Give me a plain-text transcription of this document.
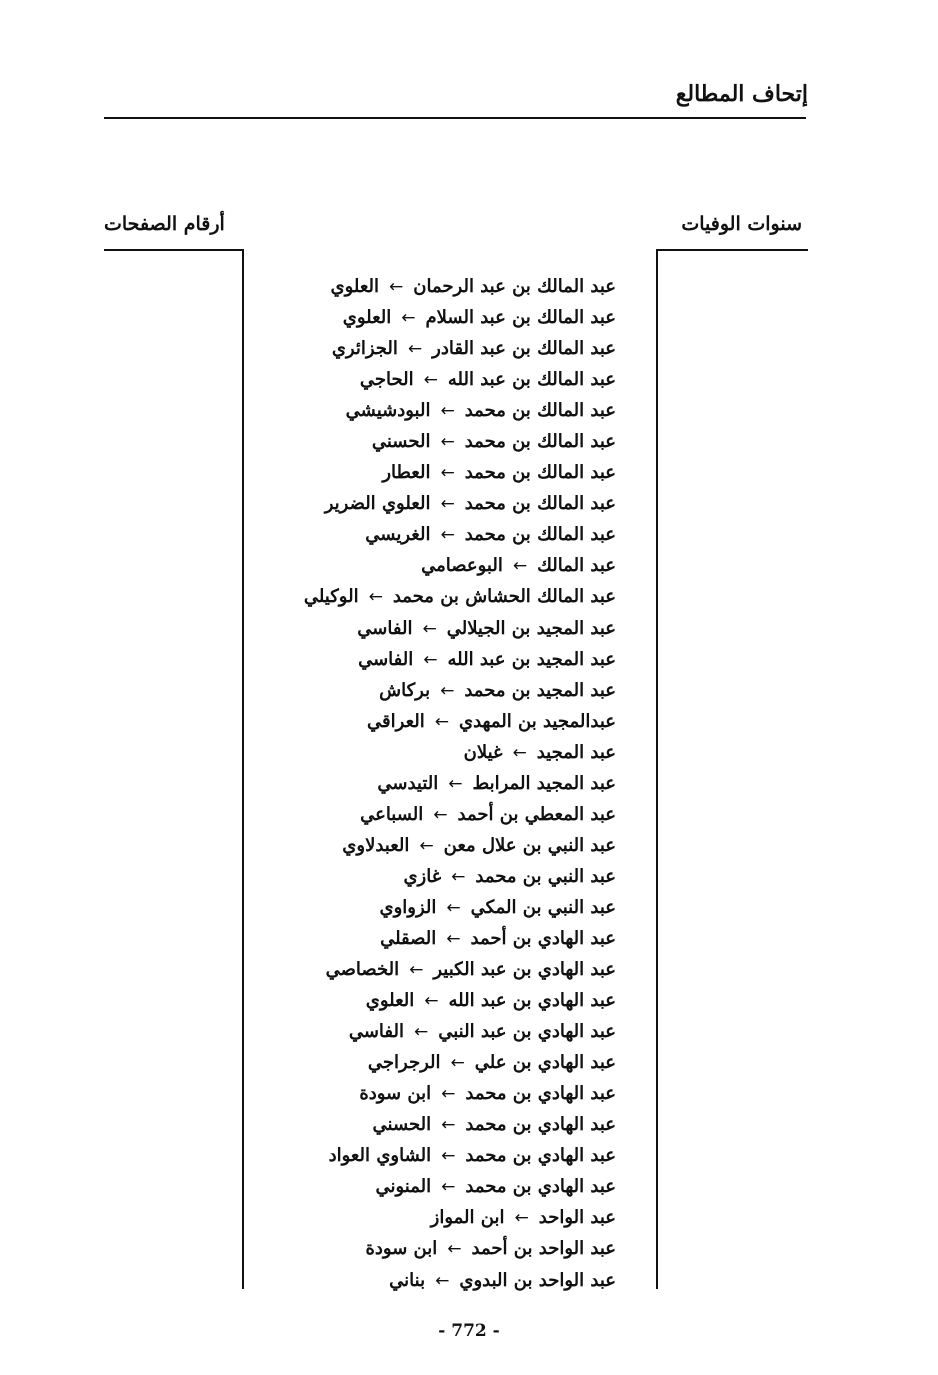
إتحاف المطالع
سنوات الوفيات
أرقام الصفحات
عبد المالك بن عبد الرحمان←العلوي
عبد المالك بن عبد السلام←العلوي
عبد المالك بن عبد القادر←الجزائري
عبد المالك بن عبد الله←الحاجي
عبد المالك بن محمد←البودشيشي
عبد المالك بن محمد←الحسني
عبد المالك بن محمد←العطار
عبد المالك بن محمد←العلوي الضرير
عبد المالك بن محمد←الغريسي
عبد المالك←البوعصامي
عبد المالك الحشاش بن محمد←الوكيلي
عبد المجيد بن الجيلالي←الفاسي
عبد المجيد بن عبد الله←الفاسي
عبد المجيد بن محمد←بركاش
عبدالمجيد بن المهدي←العراقي
عبد المجيد←غيلان
عبد المجيد المرابط←التيدسي
عبد المعطي بن أحمد←السباعي
عبد النبي بن علال معن←العبدلاوي
عبد النبي بن محمد←غازي
عبد النبي بن المكي←الزواوي
عبد الهادي بن أحمد←الصقلي
عبد الهادي بن عبد الكبير←الخصاصي
عبد الهادي بن عبد الله←العلوي
عبد الهادي بن عبد النبي←الفاسي
عبد الهادي بن علي←الرجراجي
عبد الهادي بن محمد←ابن سودة
عبد الهادي بن محمد←الحسني
عبد الهادي بن محمد←الشاوي العواد
عبد الهادي بن محمد←المنوني
عبد الواحد←ابن المواز
عبد الواحد بن أحمد←ابن سودة
عبد الواحد بن البدوي←بناني
- 772 -
